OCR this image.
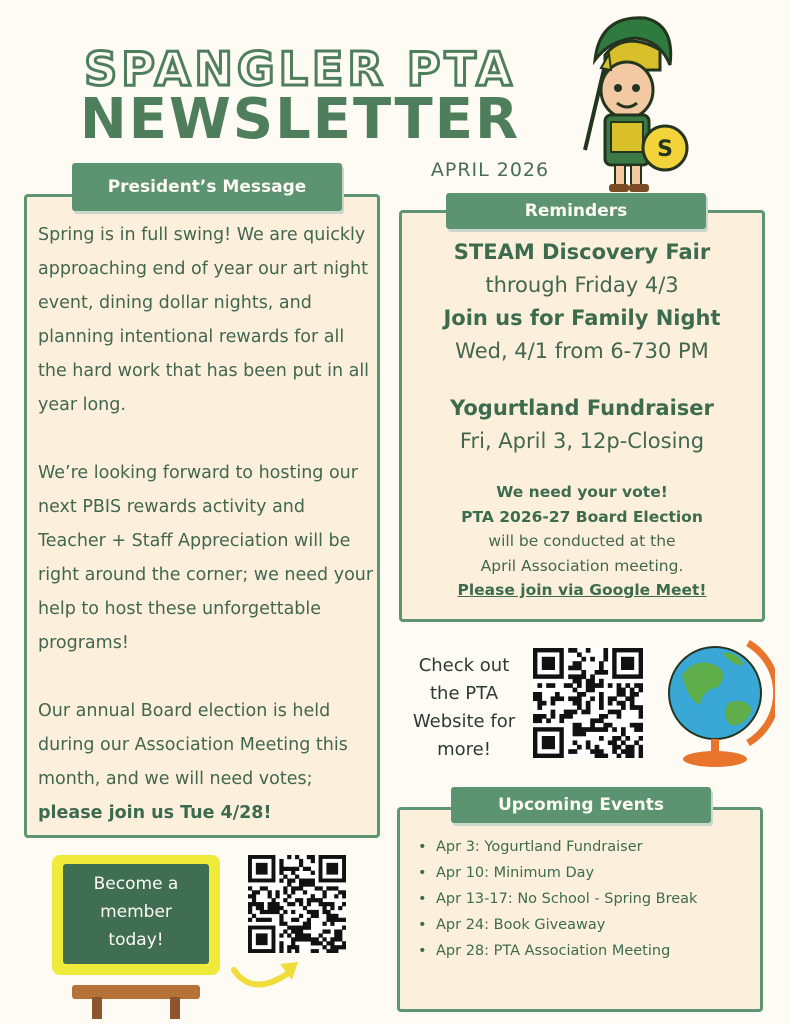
SPANGLER PTA
NEWSLETTER
APRIL 2026
S
President’s Message

Spring is in full swing! We are quickly approaching end of year our art night event, dining dollar nights, and planning intentional rewards for all the hard work that has been put in all year long.

We’re looking forward to hosting our next PBIS rewards activity and Teacher + Staff Appreciation will be right around the corner; we need your help to host these unforgettable programs!

Our annual Board election is held during our Association Meeting this month, and we will need votes; please join us Tue 4/28!

Reminders
STEAM Discovery Fair
through Friday 4/3
Join us for Family Night
Wed, 4/1 from 6-730 PM
Yogurtland Fundraiser
Fri, April 3, 12p-Closing
We need your vote!
PTA 2026-27 Board Election
will be conducted at the
April Association meeting.
Please join via Google Meet!
Check out
the PTA
Website for
more!
Upcoming Events
• Apr 3: Yogurtland Fundraiser
• Apr 10: Minimum Day
• Apr 13-17: No School - Spring Break
• Apr 24: Book Giveaway
• Apr 28: PTA Association Meeting
Become a
member
today!
